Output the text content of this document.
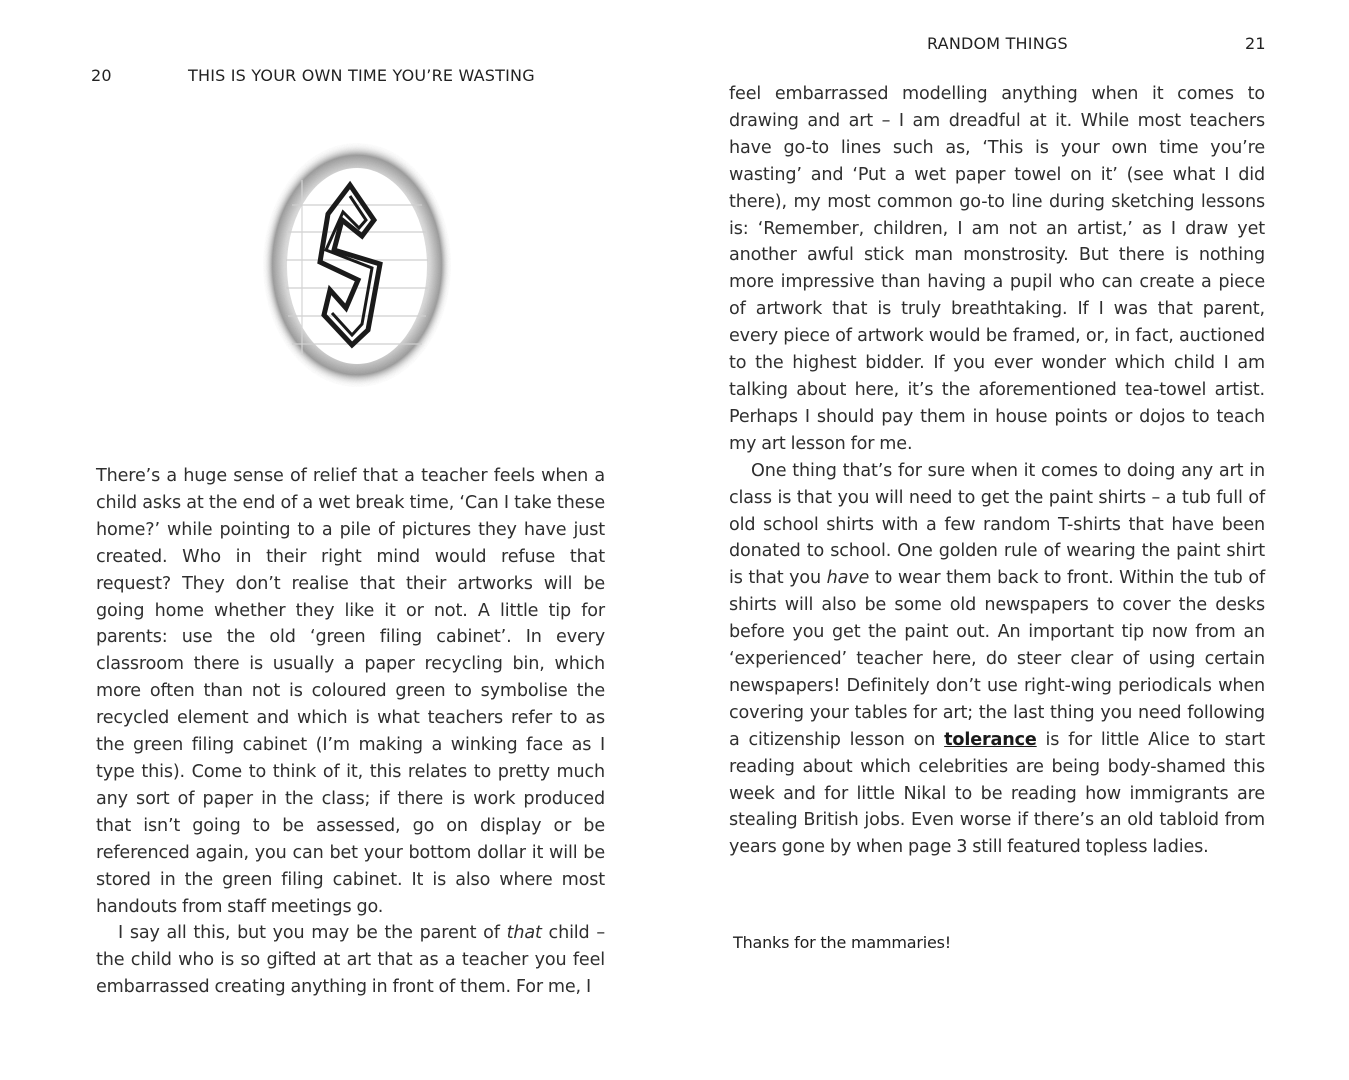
20	THIS IS YOUR OWN TIME YOU’RE WASTING

There’s a huge sense of relief that a teacher feels when a child asks at the end of a wet break time, ‘Can I take these home?’ while pointing to a pile of pictures they have just created. Who in their right mind would refuse that request? They don’t realise that their artworks will be going home whether they like it or not. A little tip for parents: use the old ‘green filing cabinet’. In every classroom there is usually a paper recycling bin, which more often than not is coloured green to symbolise the recycled element and which is what teachers refer to as the green filing cabinet (I’m making a winking face as I type this). Come to think of it, this relates to pretty much any sort of paper in the class; if there is work produced that isn’t going to be assessed, go on display or be referenced again, you can bet your bottom dollar it will be stored in the green filing cabinet. It is also where most handouts from staff meetings go.

I say all this, but you may be the parent of that child – the child who is so gifted at art that as a teacher you feel embarrassed creating anything in front of them. For me, I

RANDOM THINGS	21

feel embarrassed modelling anything when it comes to drawing and art – I am dreadful at it. While most teachers have go-to lines such as, ‘This is your own time you’re wasting’ and ‘Put a wet paper towel on it’ (see what I did there), my most common go-to line during sketching lessons is: ‘Remember, children, I am not an artist,’ as I draw yet another awful stick man monstrosity. But there is nothing more impressive than having a pupil who can create a piece of artwork that is truly breathtaking. If I was that parent, every piece of artwork would be framed, or, in fact, auctioned to the highest bidder. If you ever wonder which child I am talking about here, it’s the aforementioned tea-towel artist. Perhaps I should pay them in house points or dojos to teach my art lesson for me.

One thing that’s for sure when it comes to doing any art in class is that you will need to get the paint shirts – a tub full of old school shirts with a few random T-shirts that have been donated to school. One golden rule of wearing the paint shirt is that you have to wear them back to front. Within the tub of shirts will also be some old newspapers to cover the desks before you get the paint out. An important tip now from an ‘experienced’ teacher here, do steer clear of using certain newspapers! Definitely don’t use right-wing periodicals when covering your tables for art; the last thing you need following a citizenship lesson on tolerance is for little Alice to start reading about which celebrities are being body-shamed this week and for little Nikal to be reading how immigrants are stealing British jobs. Even worse if there’s an old tabloid from years gone by when page 3 still featured topless ladies.

Thanks for the mammaries!
